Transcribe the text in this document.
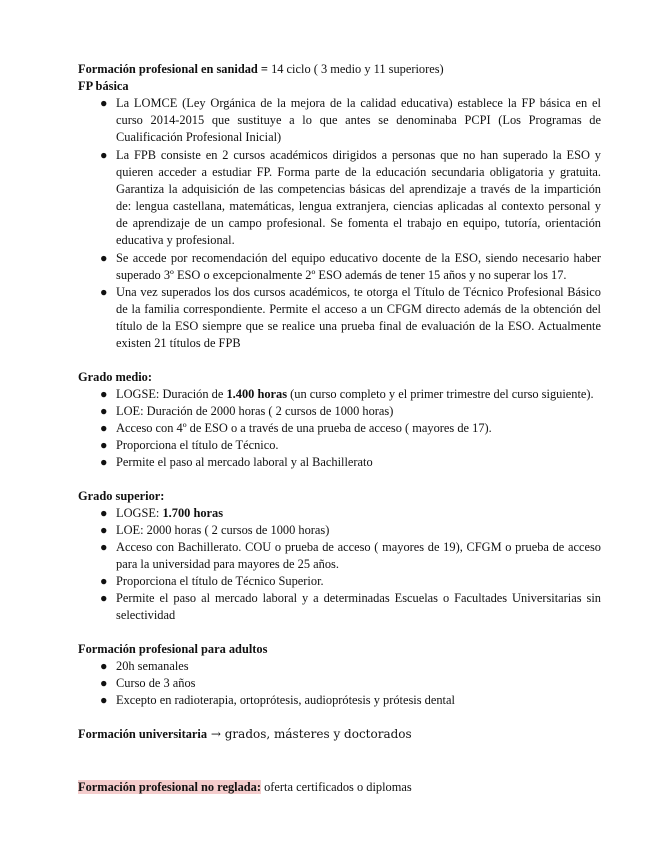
Formación profesional en sanidad = 14 ciclo ( 3 medio y 11 superiores)
FP básica
● La LOMCE (Ley Orgánica de la mejora de la calidad educativa) establece la FP básica en el curso 2014-2015 que sustituye a lo que antes se denominaba PCPI (Los Programas de Cualificación Profesional Inicial)
● La FPB consiste en 2 cursos académicos dirigidos a personas que no han superado la ESO y quieren acceder a estudiar FP. Forma parte de la educación secundaria obligatoria y gratuita. Garantiza la adquisición de las competencias básicas del aprendizaje a través de la impartición de: lengua castellana, matemáticas, lengua extranjera, ciencias aplicadas al contexto personal y de aprendizaje de un campo profesional. Se fomenta el trabajo en equipo, tutoría, orientación educativa y profesional.
● Se accede por recomendación del equipo educativo docente de la ESO, siendo necesario haber superado 3º ESO o excepcionalmente 2º ESO además de tener 15 años y no superar los 17.
● Una vez superados los dos cursos académicos, te otorga el Título de Técnico Profesional Básico de la familia correspondiente. Permite el acceso a un CFGM directo además de la obtención del título de la ESO siempre que se realice una prueba final de evaluación de la ESO. Actualmente existen 21 títulos de FPB
Grado medio:
● LOGSE: Duración de 1.400 horas (un curso completo y el primer trimestre del curso siguiente).
● LOE: Duración de 2000 horas ( 2 cursos de 1000 horas)
● Acceso con 4º de ESO o a través de una prueba de acceso ( mayores de 17).
● Proporciona el título de Técnico.
● Permite el paso al mercado laboral y al Bachillerato
Grado superior:
● LOGSE: 1.700 horas
● LOE: 2000 horas ( 2 cursos de 1000 horas)
● Acceso con Bachillerato. COU o prueba de acceso ( mayores de 19), CFGM o prueba de acceso para la universidad para mayores de 25 años.
● Proporciona el título de Técnico Superior.
● Permite el paso al mercado laboral y a determinadas Escuelas o Facultades Universitarias sin selectividad
Formación profesional para adultos
● 20h semanales
● Curso de 3 años
● Excepto en radioterapia, ortoprótesis, audioprótesis y prótesis dental
Formación universitaria → grados, másteres y doctorados
Formación profesional no reglada: oferta certificados o diplomas
